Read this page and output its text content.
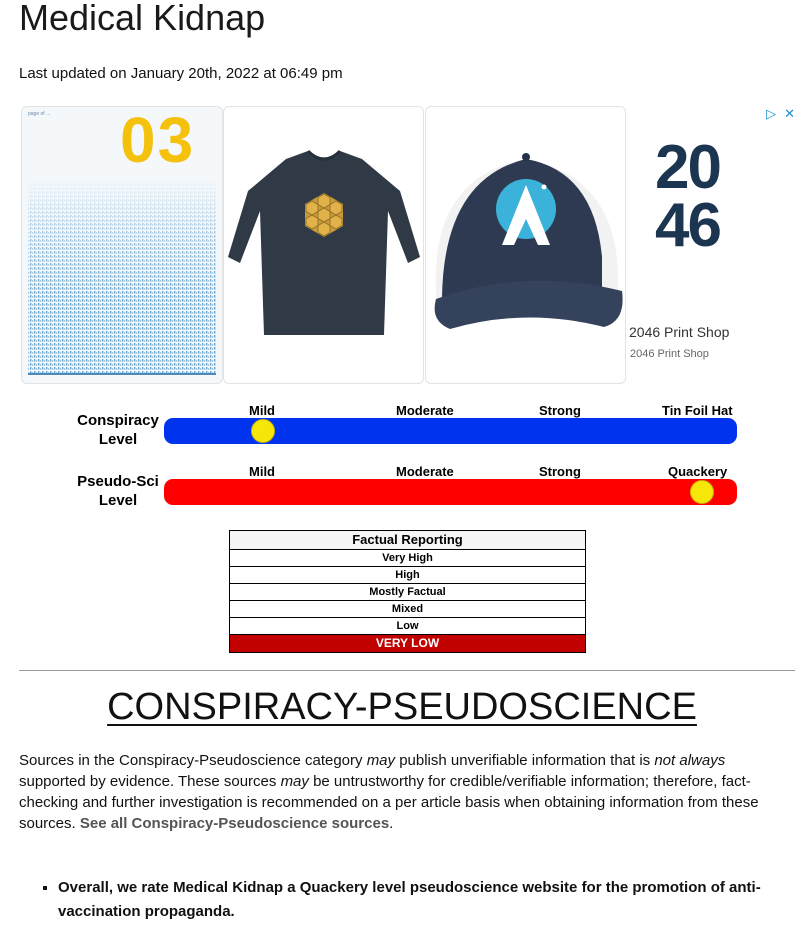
Medical Kidnap
Last updated on January 20th, 2022 at 06:49 pm
page of ... 03	▷ ✕
20
46
2046 Print Shop
2046 Print Shop
Conspiracy
Level
Mild	Moderate	Strong	Tin Foil Hat
Pseudo-Sci
Level
Mild	Moderate	Strong	Quackery
Factual Reporting
Very High
High
Mostly Factual
Mixed
Low
VERY LOW
CONSPIRACY-PSEUDOSCIENCE
Sources in the Conspiracy-Pseudoscience category may publish unverifiable information that is not always supported by evidence. These sources may be untrustworthy for credible/verifiable information; therefore, fact-checking and further investigation is recommended on a per article basis when obtaining information from these sources. See all Conspiracy-Pseudoscience sources.
▪ Overall, we rate Medical Kidnap a Quackery level pseudoscience website for the promotion of anti-vaccination propaganda.
